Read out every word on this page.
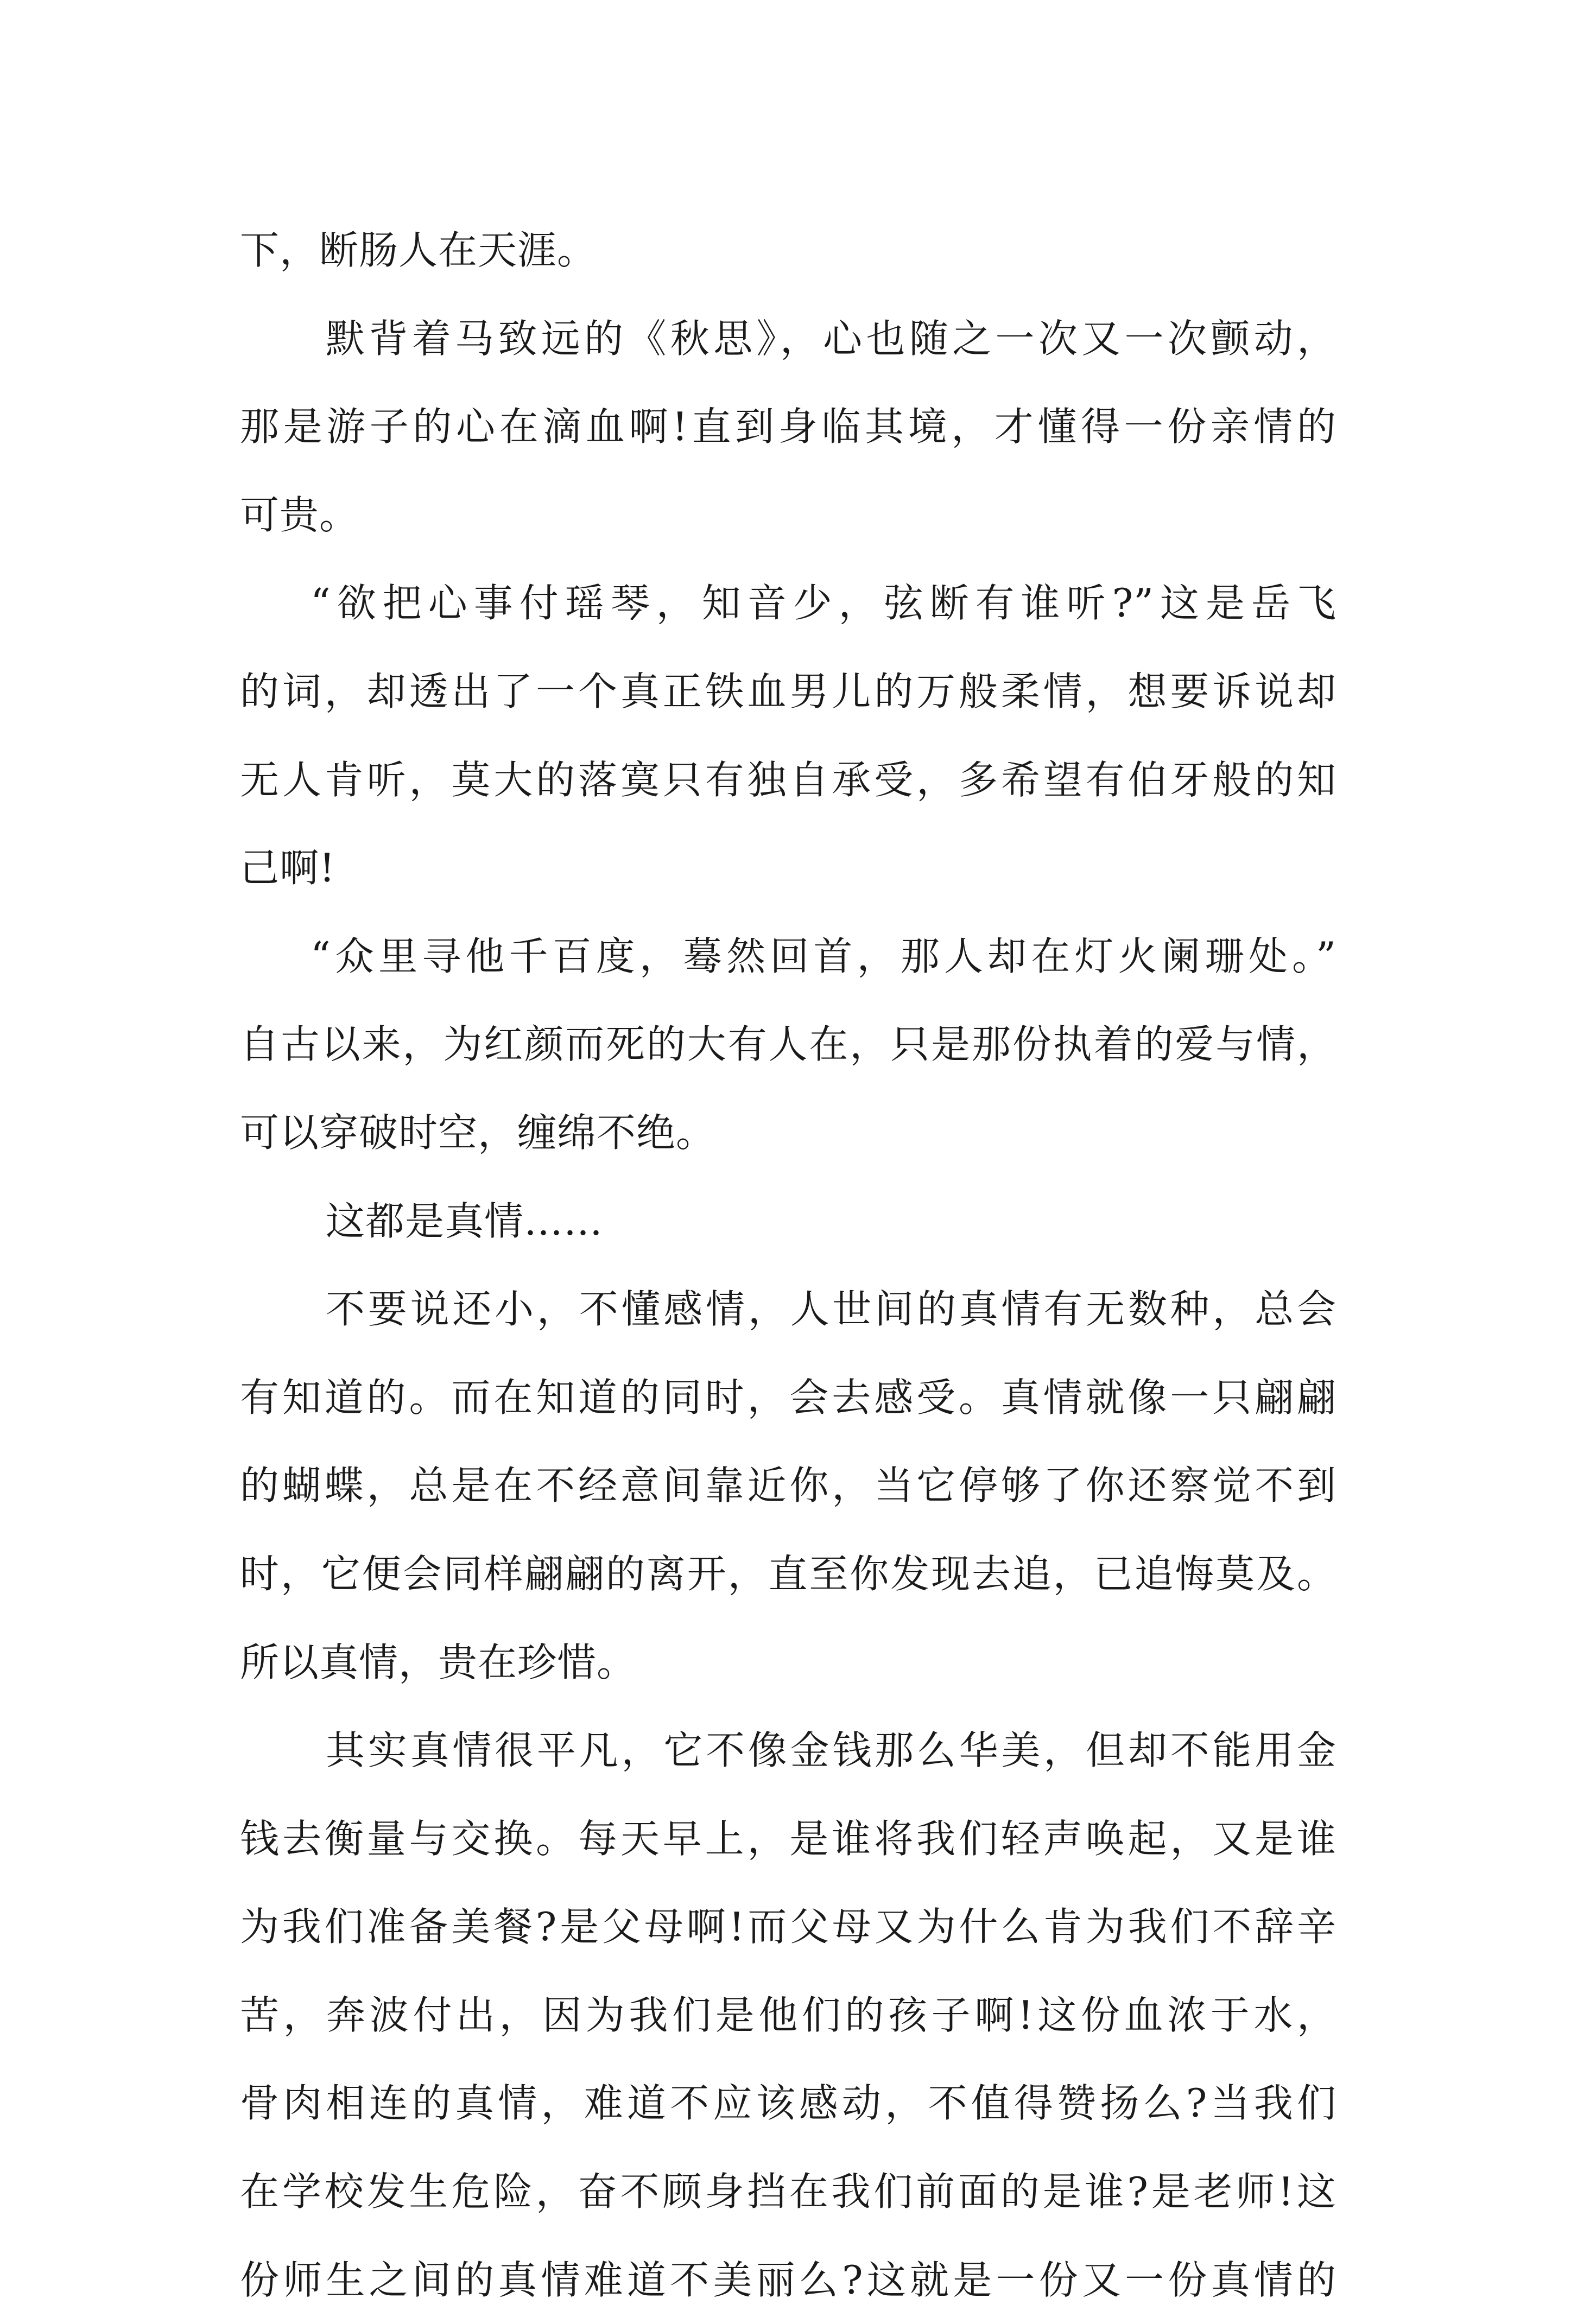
下，断肠人在天涯。
默背着马致远的《秋思》，心也随之一次又一次颤动，
那是游子的心在滴血啊!直到身临其境，才懂得一份亲情的
可贵。
“欲把心事付瑶琴，知音少，弦断有谁听?”这是岳飞
的词，却透出了一个真正铁血男儿的万般柔情，想要诉说却
无人肯听，莫大的落寞只有独自承受，多希望有伯牙般的知
己啊!
“众里寻他千百度，蓦然回首，那人却在灯火阑珊处。”
自古以来，为红颜而死的大有人在，只是那份执着的爱与情，
可以穿破时空，缠绵不绝。
这都是真情……
不要说还小，不懂感情，人世间的真情有无数种，总会
有知道的。而在知道的同时，会去感受。真情就像一只翩翩
的蝴蝶，总是在不经意间靠近你，当它停够了你还察觉不到
时，它便会同样翩翩的离开，直至你发现去追，已追悔莫及。
所以真情，贵在珍惜。
其实真情很平凡，它不像金钱那么华美，但却不能用金
钱去衡量与交换。每天早上，是谁将我们轻声唤起，又是谁
为我们准备美餐?是父母啊!而父母又为什么肯为我们不辞辛
苦，奔波付出，因为我们是他们的孩子啊!这份血浓于水，
骨肉相连的真情，难道不应该感动，不值得赞扬么?当我们
在学校发生危险，奋不顾身挡在我们前面的是谁?是老师!这
份师生之间的真情难道不美丽么?这就是一份又一份真情的
